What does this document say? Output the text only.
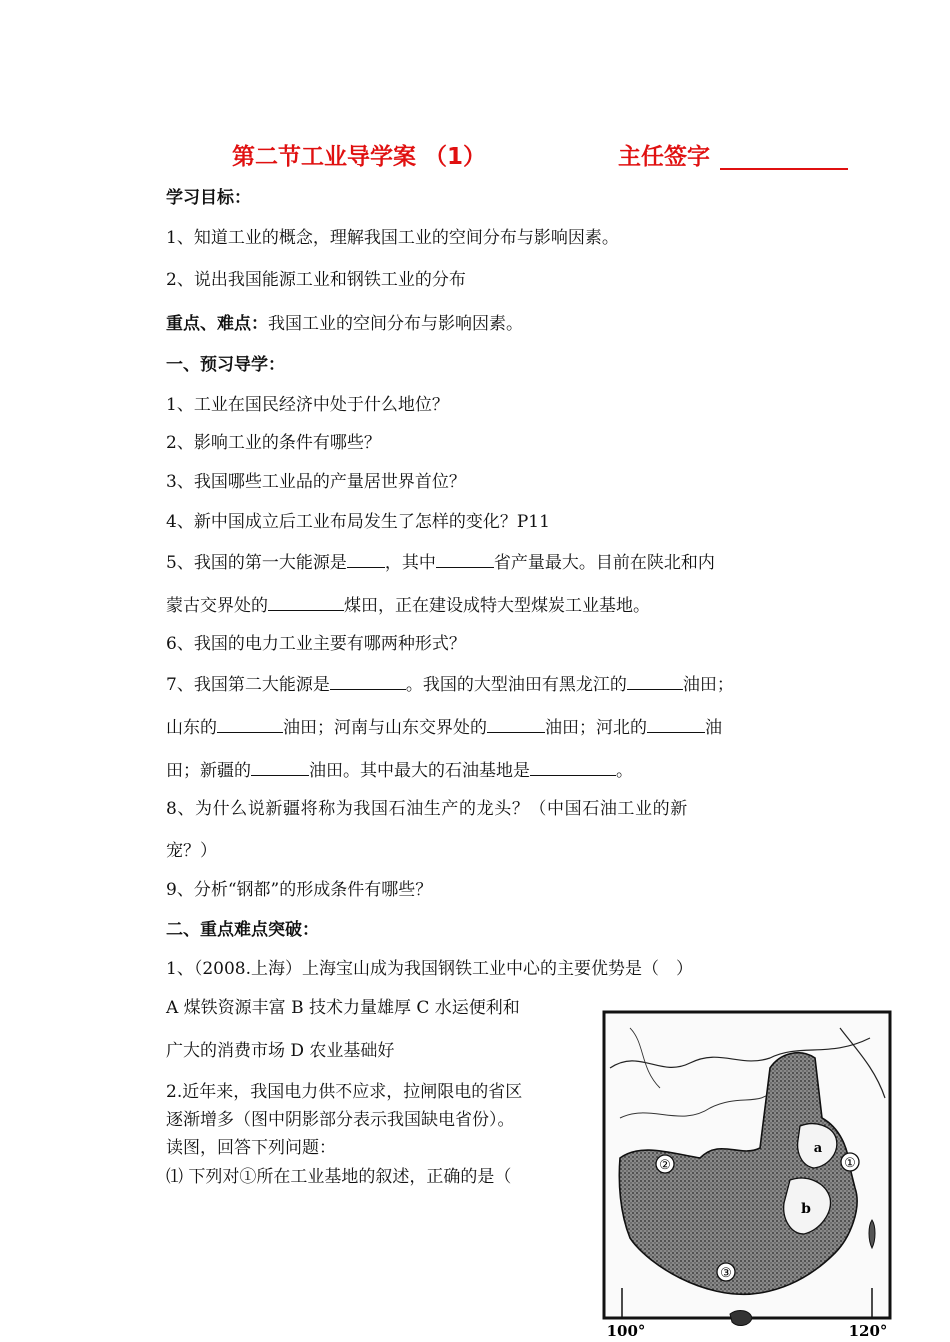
第二节工业导学案 （1）	主任签字
学习目标：
1、知道工业的概念，理解我国工业的空间分布与影响因素。
2、说出我国能源工业和钢铁工业的分布
重点、难点：我国工业的空间分布与影响因素。
一、预习导学：
1、工业在国民经济中处于什么地位？
2、影响工业的条件有哪些？
3、我国哪些工业品的产量居世界首位？
4、新中国成立后工业布局发生了怎样的变化？P11
5、我国的第一大能源是 ，其中	省产量最大。目前在陕北和内
蒙古交界处的	煤田，正在建设成特大型煤炭工业基地。
6、我国的电力工业主要有哪两种形式？
7、我国第二大能源是	。我国的大型油田有黑龙江的	油田；
山东的	油田；河南与山东交界处的	油田；河北的	油
田；新疆的	油田。其中最大的石油基地是	。
8、为什么说新疆将称为我国石油生产的龙头？（中国石油工业的新
宠？）
9、分析“钢都”的形成条件有哪些？
二、重点难点突破：
1、（2008.上海）上海宝山成为我国钢铁工业中心的主要优势是（　）
A 煤铁资源丰富 B 技术力量雄厚 C 水运便利和
广大的消费市场 D 农业基础好
2.近年来，我国电力供不应求，拉闸限电的省区
逐渐增多（图中阴影部分表示我国缺电省份）。
读图，回答下列问题：
⑴ 下列对①所在工业基地的叙述，正确的是（
①
②
③
a
b
100°	120°
